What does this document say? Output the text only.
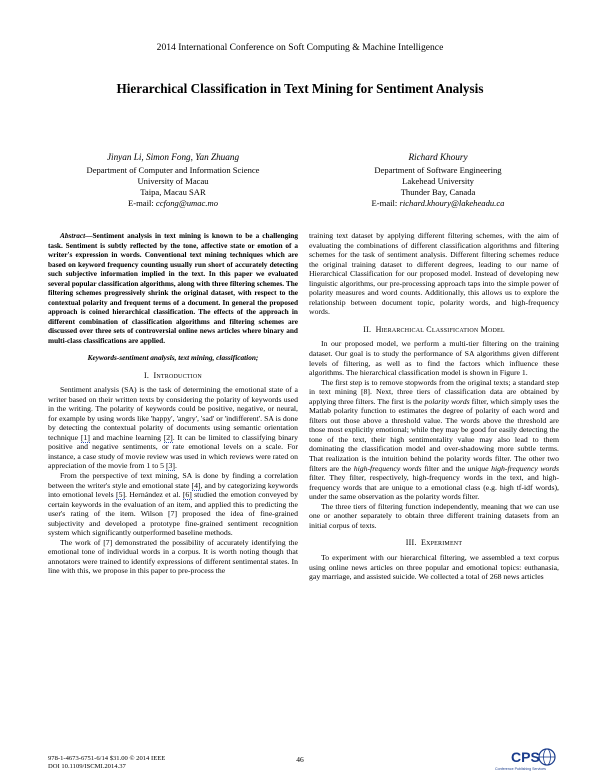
2014 International Conference on Soft Computing & Machine Intelligence
Hierarchical Classification in Text Mining for Sentiment Analysis
Jinyan Li, Simon Fong, Yan Zhuang
Department of Computer and Information Science
University of Macau
Taipa, Macau SAR
E-mail: ccfong@umac.mo
Richard Khoury
Department of Software Engineering
Lakehead University
Thunder Bay, Canada
E-mail: richard.khoury@lakeheadu.ca

Abstract—Sentiment analysis in text mining is known to be a challenging task. Sentiment is subtly reflected by the tone, affective state or emotion of a writer's expression in words. Conventional text mining techniques which are based on keyword frequency counting usually run short of accurately detecting such subjective information implied in the text. In this paper we evaluated several popular classification algorithms, along with three filtering schemes. The filtering schemes progressively shrink the original dataset, with respect to the contextual polarity and frequent terms of a document. In general the proposed approach is coined hierarchical classification. The effects of the approach in different combination of classification algorithms and filtering schemes are discussed over three sets of controversial online news articles where binary and multi-class classifications are applied.

Keywords-sentiment analysis, text mining, classification;

I. Introduction

Sentiment analysis (SA) is the task of determining the emotional state of a writer based on their written texts by considering the polarity of keywords used in the writing. The polarity of keywords could be positive, negative, or neural, for example by using words like 'happy', 'angry', 'sad' or 'indifferent'. SA is done by detecting the contextual polarity of documents using semantic orientation technique [1] and machine learning [2]. It can be limited to classifying binary positive and negative sentiments, or rate emotional levels on a scale. For instance, a case study of movie review was used in which reviews were rated on appreciation of the movie from 1 to 5 [3].

From the perspective of text mining, SA is done by finding a correlation between the writer's style and emotional state [4], and by categorizing keywords into emotional levels [5]. Hernández et al. [6] studied the emotion conveyed by certain keywords in the evaluation of an item, and applied this to predicting the user's rating of the item. Wilson [7] proposed the idea of fine-grained subjectivity and developed a prototype fine-grained sentiment recognition system which significantly outperformed baseline methods.

The work of [7] demonstrated the possibility of accurately identifying the emotional tone of individual words in a corpus. It is worth noting though that annotators were trained to identify expressions of different sentimental states. In line with this, we propose in this paper to pre-process the

training text dataset by applying different filtering schemes, with the aim of evaluating the combinations of different classification algorithms and filtering schemes for the task of sentiment analysis. Different filtering schemes reduce the original training dataset to different degrees, leading to our name of Hierarchical Classification for our proposed model. Instead of developing new linguistic algorithms, our pre-processing approach taps into the simple power of polarity measures and word counts. Additionally, this allows us to explore the relationship between document topic, polarity words, and high-frequency words.

II. Hierarchical Classification Model

In our proposed model, we perform a multi-tier filtering on the training dataset. Our goal is to study the performance of SA algorithms given different levels of filtering, as well as to find the factors which influence these algorithms. The hierarchical classification model is shown in Figure 1.

The first step is to remove stopwords from the original texts; a standard step in text mining [8]. Next, three tiers of classification data are obtained by applying three filters. The first is the polarity words filter, which simply uses the Matlab polarity function to estimates the degree of polarity of each word and filters out those above a threshold value. The words above the threshold are those most explicitly emotional; while they may be good for easily detecting the tone of the text, their high sentimentality value may also lead to them dominating the classification model and over-shadowing more subtle terms. That realization is the intuition behind the polarity words filter. The other two filters are the high-frequency words filter and the unique high-frequency words filter. They filter, respectively, high-frequency words in the text, and high-frequency words that are unique to a emotional class (e.g. high tf-idf words), under the same observation as the polarity words filter.

The three tiers of filtering function independently, meaning that we can use one or another separately to obtain three different training datasets from an initial corpus of texts.

III. Experiment

To experiment with our hierarchical filtering, we assembled a text corpus using online news articles on three popular and emotional topics: euthanasia, gay marriage, and assisted suicide. We collected a total of 268 news articles

978-1-4673-6751-6/14 $31.00 © 2014 IEEE
DOI 10.1109/ISCMI.2014.37
46	CPS
Conference Publishing Services
